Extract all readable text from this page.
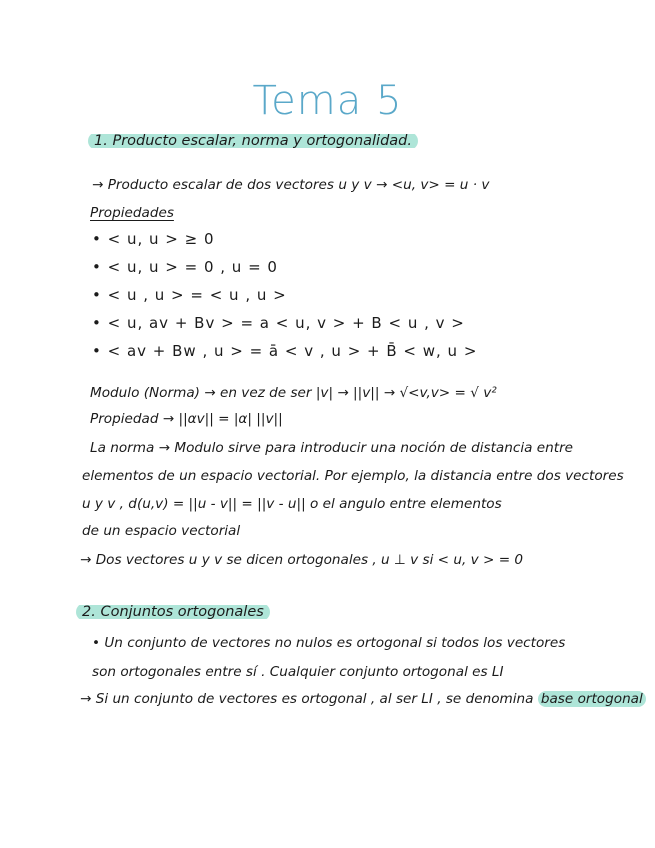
Tema 5
1. Producto escalar, norma y ortogonalidad.
→ Producto escalar de dos vectores u y v → <u, v> = u · v
Propiedades
• < u, u > ≥ 0
• < u, u > = 0 , u = 0
• < u , u > = < u , u >
• < u, av + Bv > = a < u, v > + B < u , v >
• < av + Bw , u > = ā < v , u > + B̄ < w, u >
Modulo (Norma) → en vez de ser |v| → ||v|| → √<v,v> = √ v²
Propiedad → ||αv|| = |α| ||v||
La norma → Modulo sirve para introducir una noción de distancia entre
elementos de un espacio vectorial. Por ejemplo, la distancia entre dos vectores
u y v , d(u,v) = ||u - v|| = ||v - u|| o el angulo entre elementos
de un espacio vectorial
→ Dos vectores u y v se dicen ortogonales , u ⊥ v si < u, v > = 0
2. Conjuntos ortogonales
• Un conjunto de vectores no nulos es ortogonal si todos los vectores
son ortogonales entre sí . Cualquier conjunto ortogonal es LI
→ Si un conjunto de vectores es ortogonal , al ser LI , se denomina base ortogonal
